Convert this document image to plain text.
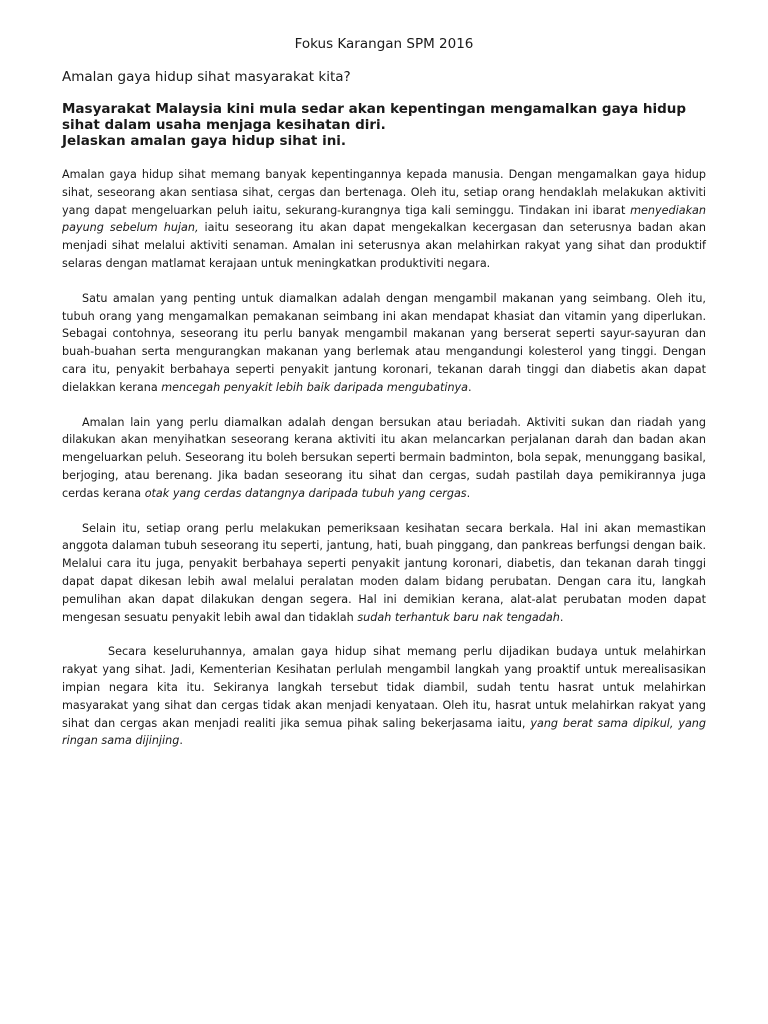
Fokus Karangan SPM 2016
Amalan gaya hidup sihat masyarakat kita?
Masyarakat Malaysia kini mula sedar akan kepentingan mengamalkan gaya hidup
sihat dalam usaha menjaga kesihatan diri.
Jelaskan amalan gaya hidup sihat ini.

Amalan gaya hidup sihat memang banyak kepentingannya kepada manusia. Dengan mengamalkan gaya hidup sihat, seseorang akan sentiasa sihat, cergas dan bertenaga. Oleh itu, setiap orang hendaklah melakukan aktiviti yang dapat mengeluarkan peluh iaitu, sekurang-kurangnya tiga kali seminggu. Tindakan ini ibarat menyediakan payung sebelum hujan, iaitu seseorang itu akan dapat mengekalkan kecergasan dan seterusnya badan akan menjadi sihat melalui aktiviti senaman. Amalan ini seterusnya akan melahirkan rakyat yang sihat dan produktif selaras dengan matlamat kerajaan untuk meningkatkan produktiviti negara.

Satu amalan yang penting untuk diamalkan adalah dengan mengambil makanan yang seimbang. Oleh itu, tubuh orang yang mengamalkan pemakanan seimbang ini akan mendapat khasiat dan vitamin yang diperlukan. Sebagai contohnya, seseorang itu perlu banyak mengambil makanan yang berserat seperti sayur-sayuran dan buah-buahan serta mengurangkan makanan yang berlemak atau mengandungi kolesterol yang tinggi. Dengan cara itu, penyakit berbahaya seperti penyakit jantung koronari, tekanan darah tinggi dan diabetis akan dapat dielakkan kerana mencegah penyakit lebih baik daripada mengubatinya.

Amalan lain yang perlu diamalkan adalah dengan bersukan atau beriadah. Aktiviti sukan dan riadah yang dilakukan akan menyihatkan seseorang kerana aktiviti itu akan melancarkan perjalanan darah dan badan akan mengeluarkan peluh. Seseorang itu boleh bersukan seperti bermain badminton, bola sepak, menunggang basikal, berjoging, atau berenang. Jika badan seseorang itu sihat dan cergas, sudah pastilah daya pemikirannya juga cerdas kerana otak yang cerdas datangnya daripada tubuh yang cergas.

Selain itu, setiap orang perlu melakukan pemeriksaan kesihatan secara berkala. Hal ini akan memastikan anggota dalaman tubuh seseorang itu seperti, jantung, hati, buah pinggang, dan pankreas berfungsi dengan baik. Melalui cara itu juga, penyakit berbahaya seperti penyakit jantung koronari, diabetis, dan tekanan darah tinggi dapat dapat dikesan lebih awal melalui peralatan moden dalam bidang perubatan. Dengan cara itu, langkah pemulihan akan dapat dilakukan dengan segera. Hal ini demikian kerana, alat-alat perubatan moden dapat mengesan sesuatu penyakit lebih awal dan tidaklah sudah terhantuk baru nak tengadah.

Secara keseluruhannya, amalan gaya hidup sihat memang perlu dijadikan budaya untuk melahirkan rakyat yang sihat. Jadi, Kementerian Kesihatan perlulah mengambil langkah yang proaktif untuk merealisasikan impian negara kita itu. Sekiranya langkah tersebut tidak diambil, sudah tentu hasrat untuk melahirkan masyarakat yang sihat dan cergas tidak akan menjadi kenyataan. Oleh itu, hasrat untuk melahirkan rakyat yang sihat dan cergas akan menjadi realiti jika semua pihak saling bekerjasama iaitu, yang berat sama dipikul, yang ringan sama dijinjing.
